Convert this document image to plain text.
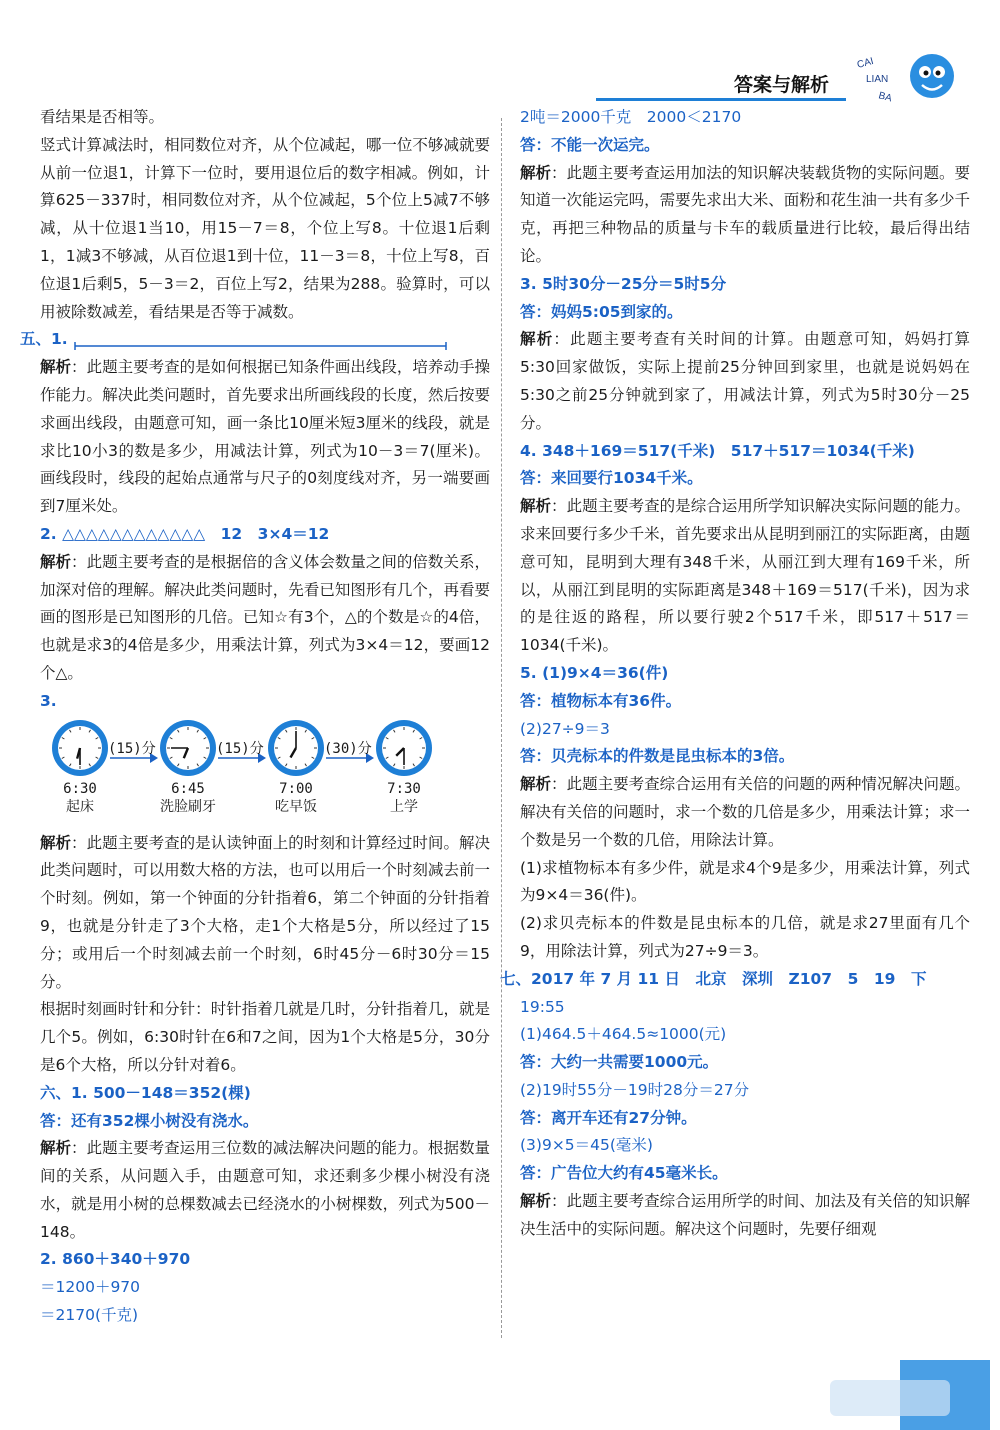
答案与解析
CAI
LIAN
BA

看结果是否相等。

竖式计算减法时，相同数位对齐，从个位减起，哪一位不够减就要从前一位退1，计算下一位时，要用退位后的数字相减。例如，计算625－337时，相同数位对齐，从个位减起，5个位上5减7不够减，从十位退1当10，用15－7＝8，个位上写8。十位退1后剩1，1减3不够减，从百位退1到十位，11－3＝8，十位上写8，百位退1后剩5，5－3＝2，百位上写2，结果为288。验算时，可以用被除数减差，看结果是否等于减数。

五、1.

解析：此题主要考查的是如何根据已知条件画出线段，培养动手操作能力。解决此类问题时，首先要求出所画线段的长度，然后按要求画出线段，由题意可知，画一条比10厘米短3厘米的线段，就是求比10小3的数是多少，用减法计算，列式为10－3＝7(厘米)。画线段时，线段的起始点通常与尺子的0刻度线对齐，另一端要画到7厘米处。

2. △△△△△△△△△△△△　12　3×4＝12

解析：此题主要考查的是根据倍的含义体会数量之间的倍数关系，加深对倍的理解。解决此类问题时，先看已知图形有几个，再看要画的图形是已知图形的几倍。已知☆有3个，△的个数是☆的4倍，也就是求3的4倍是多少，用乘法计算，列式为3×4＝12，要画12个△。

3.

6:30
起床
(15)分
6:45
洗脸刷牙
(15)分
7:00
吃早饭
(30)分
7:30
上学

解析：此题主要考查的是认读钟面上的时刻和计算经过时间。解决此类问题时，可以用数大格的方法，也可以用后一个时刻减去前一个时刻。例如，第一个钟面的分针指着6，第二个钟面的分针指着9，也就是分针走了3个大格，走1个大格是5分，所以经过了15分；或用后一个时刻减去前一个时刻，6时45分－6时30分＝15分。

根据时刻画时针和分针：时针指着几就是几时，分针指着几，就是几个5。例如，6:30时针在6和7之间，因为1个大格是5分，30分是6个大格，所以分针对着6。

六、1. 500－148＝352(棵)

答：还有352棵小树没有浇水。

解析：此题主要考查运用三位数的减法解决问题的能力。根据数量间的关系，从问题入手，由题意可知，求还剩多少棵小树没有浇水，就是用小树的总棵数减去已经浇水的小树棵数，列式为500－148。

2. 860＋340＋970

＝1200＋970

＝2170(千克)

2吨＝2000千克　2000＜2170

答：不能一次运完。

解析：此题主要考查运用加法的知识解决装载货物的实际问题。要知道一次能运完吗，需要先求出大米、面粉和花生油一共有多少千克，再把三种物品的质量与卡车的载质量进行比较，最后得出结论。

3. 5时30分－25分＝5时5分

答：妈妈5:05到家的。

解析：此题主要考查有关时间的计算。由题意可知，妈妈打算5:30回家做饭，实际上提前25分钟回到家里，也就是说妈妈在5:30之前25分钟就到家了，用减法计算，列式为5时30分－25分。

4. 348＋169＝517(千米)　517＋517＝1034(千米)

答：来回要行1034千米。

解析：此题主要考查的是综合运用所学知识解决实际问题的能力。求来回要行多少千米，首先要求出从昆明到丽江的实际距离，由题意可知，昆明到大理有348千米，从丽江到大理有169千米，所以，从丽江到昆明的实际距离是348＋169＝517(千米)，因为求的是往返的路程，所以要行驶2个517千米，即517＋517＝1034(千米)。

5. (1)9×4＝36(件)

答：植物标本有36件。

(2)27÷9＝3

答：贝壳标本的件数是昆虫标本的3倍。

解析：此题主要考查综合运用有关倍的问题的两种情况解决问题。解决有关倍的问题时，求一个数的几倍是多少，用乘法计算；求一个数是另一个数的几倍，用除法计算。

(1)求植物标本有多少件，就是求4个9是多少，用乘法计算，列式为9×4＝36(件)。

(2)求贝壳标本的件数是昆虫标本的几倍，就是求27里面有几个9，用除法计算，列式为27÷9＝3。

七、2017 年 7 月 11 日　北京　深圳　Z107　5　19　下

19:55

(1)464.5＋464.5≈1000(元)

答：大约一共需要1000元。

(2)19时55分－19时28分＝27分

答：离开车还有27分钟。

(3)9×5＝45(毫米)

答：广告位大约有45毫米长。

解析：此题主要考查综合运用所学的时间、加法及有关倍的知识解决生活中的实际问题。解决这个问题时，先要仔细观
